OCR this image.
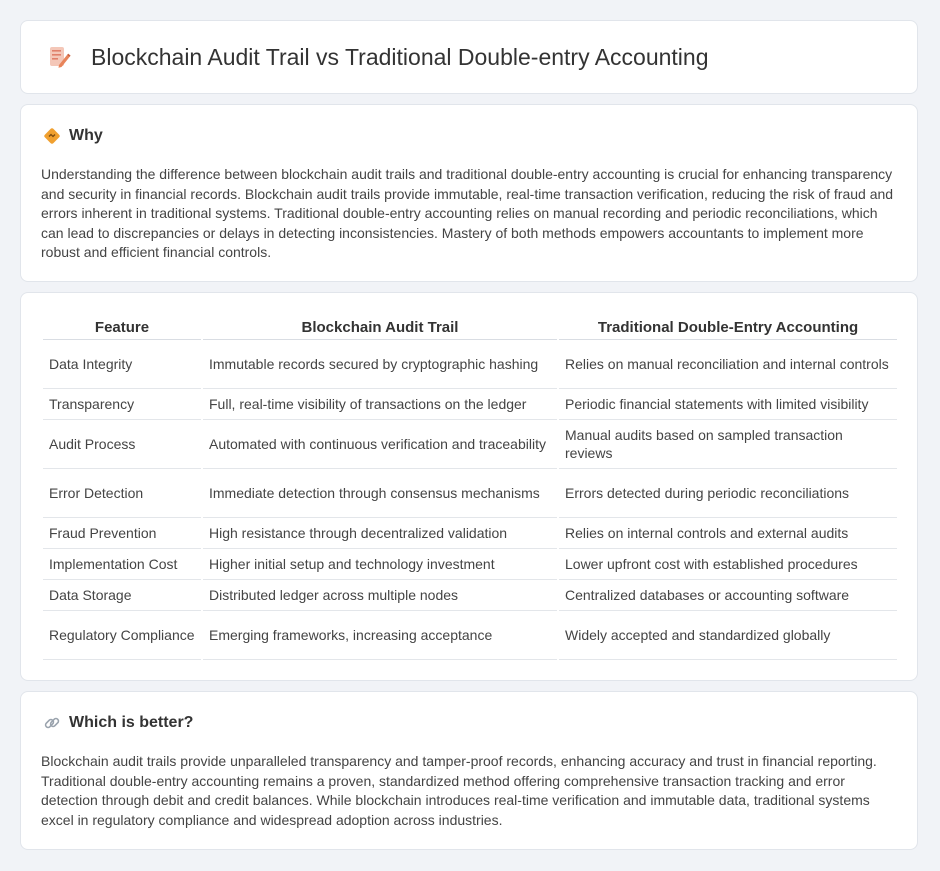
Blockchain Audit Trail vs Traditional Double-entry Accounting
Why

Understanding the difference between blockchain audit trails and traditional double-entry accounting is crucial for enhancing transparency and security in financial records. Blockchain audit trails provide immutable, real-time transaction verification, reducing the risk of fraud and errors inherent in traditional systems. Traditional double-entry accounting relies on manual recording and periodic reconciliations, which can lead to discrepancies or delays in detecting inconsistencies. Mastery of both methods empowers accountants to implement more robust and efficient financial controls.

Feature	Blockchain Audit Trail	Traditional Double-Entry Accounting
Data Integrity	Immutable records secured by cryptographic hashing	Relies on manual reconciliation and internal controls
Transparency	Full, real-time visibility of transactions on the ledger	Periodic financial statements with limited visibility
Audit Process	Automated with continuous verification and traceability	Manual audits based on sampled transaction reviews
Error Detection	Immediate detection through consensus mechanisms	Errors detected during periodic reconciliations
Fraud Prevention	High resistance through decentralized validation	Relies on internal controls and external audits
Implementation Cost	Higher initial setup and technology investment	Lower upfront cost with established procedures
Data Storage	Distributed ledger across multiple nodes	Centralized databases or accounting software
Regulatory Compliance	Emerging frameworks, increasing acceptance	Widely accepted and standardized globally
Which is better?

Blockchain audit trails provide unparalleled transparency and tamper-proof records, enhancing accuracy and trust in financial reporting. Traditional double-entry accounting remains a proven, standardized method offering comprehensive transaction tracking and error detection through debit and credit balances. While blockchain introduces real-time verification and immutable data, traditional systems excel in regulatory compliance and widespread adoption across industries.
